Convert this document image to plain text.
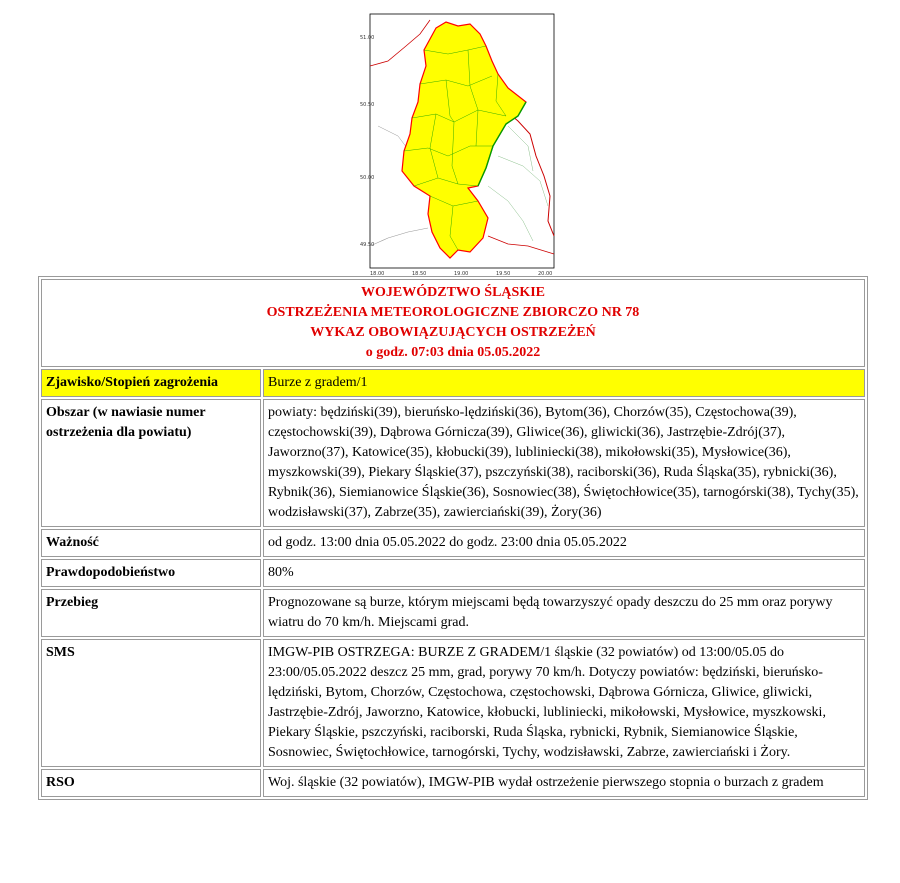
51.00
50.50
50.00
49.50
18.00	18.50	19.00	19.50	20.00
WOJEWÓDZTWO ŚLĄSKIE
OSTRZEŻENIA METEOROLOGICZNE ZBIORCZO NR 78
WYKAZ OBOWIĄZUJĄCYCH OSTRZEŻEŃ
o godz. 07:03 dnia 05.05.2022	

Zjawisko/Stopień zagrożenia	Burze z gradem/1
Obszar (w nawiasie numer ostrzeżenia dla powiatu)	powiaty: będziński(39), bieruńsko-lędziński(36), Bytom(36), Chorzów(35), Częstochowa(39), częstochowski(39), Dąbrowa Górnicza(39), Gliwice(36), gliwicki(36), Jastrzębie-Zdrój(37), Jaworzno(37), Katowice(35), kłobucki(39), lubliniecki(38), mikołowski(35), Mysłowice(36), myszkowski(39), Piekary Śląskie(37), pszczyński(38), raciborski(36), Ruda Śląska(35), rybnicki(36), Rybnik(36), Siemianowice Śląskie(36), Sosnowiec(38), Świętochłowice(35), tarnogórski(38), Tychy(35), wodzisławski(37), Zabrze(35), zawierciański(39), Żory(36)
Ważność	od godz. 13:00 dnia 05.05.2022 do godz. 23:00 dnia 05.05.2022
Prawdopodobieństwo	80%
Przebieg	Prognozowane są burze, którym miejscami będą towarzyszyć opady deszczu do 25 mm oraz porywy wiatru do 70 km/h. Miejscami grad.
SMS	IMGW-PIB OSTRZEGA: BURZE Z GRADEM/1 śląskie (32 powiatów) od 13:00/05.05 do 23:00/05.05.2022 deszcz 25 mm, grad, porywy 70 km/h. Dotyczy powiatów: będziński, bieruńsko-lędziński, Bytom, Chorzów, Częstochowa, częstochowski, Dąbrowa Górnicza, Gliwice, gliwicki, Jastrzębie-Zdrój, Jaworzno, Katowice, kłobucki, lubliniecki, mikołowski, Mysłowice, myszkowski, Piekary Śląskie, pszczyński, raciborski, Ruda Śląska, rybnicki, Rybnik, Siemianowice Śląskie, Sosnowiec, Świętochłowice, tarnogórski, Tychy, wodzisławski, Zabrze, zawierciański i Żory.
RSO	Woj. śląskie (32 powiatów), IMGW-PIB wydał ostrzeżenie pierwszego stopnia o burzach z gradem
